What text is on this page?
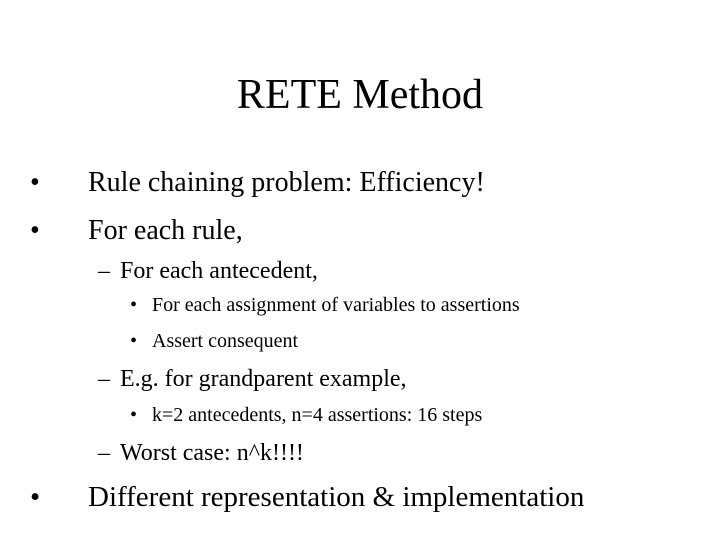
RETE Method
• Rule chaining problem: Efficiency!
• For each rule,
– For each antecedent,
• For each assignment of variables to assertions
• Assert consequent
– E.g. for grandparent example,
• k=2 antecedents, n=4 assertions: 16 steps
– Worst case: n^k!!!!
• Different representation & implementation
